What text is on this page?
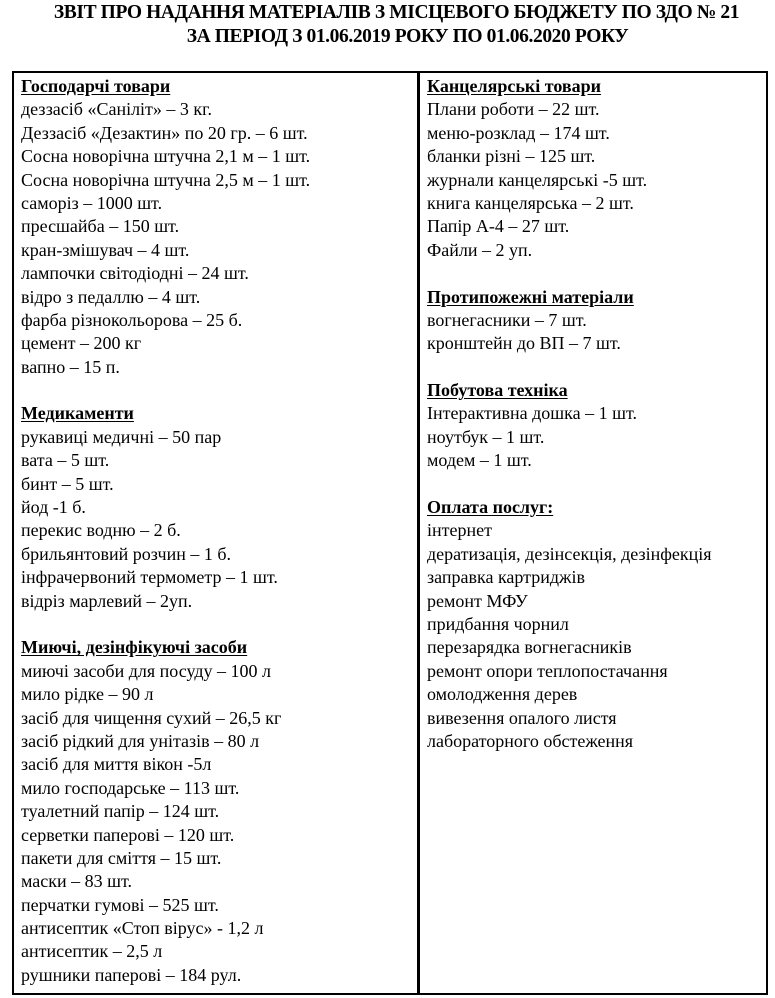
ЗВІТ ПРО НАДАННЯ МАТЕРІАЛІВ З МІСЦЕВОГО БЮДЖЕТУ ПО ЗДО № 21
ЗА ПЕРІОД З 01.06.2019 РОКУ ПО 01.06.2020 РОКУ
Господарчі товари
деззасіб «Саніліт» – 3 кг.
Деззасіб «Дезактин» по 20 гр. – 6 шт.
Сосна новорічна штучна 2,1 м – 1 шт.
Сосна новорічна штучна 2,5 м – 1 шт.
саморіз – 1000 шт.
пресшайба – 150 шт.
кран-змішувач – 4 шт.
лампочки світодіодні – 24 шт.
відро з педаллю – 4 шт.
фарба різнокольорова – 25 б.
цемент – 200 кг
вапно – 15 п.
Медикаменти
рукавиці медичні – 50 пар
вата – 5 шт.
бинт – 5 шт.
йод -1 б.
перекис водню – 2 б.
брильянтовий розчин – 1 б.
інфрачервоний термометр – 1 шт.
відріз марлевий – 2уп.
Миючі, дезінфікуючі засоби
миючі засоби для посуду – 100 л
мило рідке – 90 л
засіб для чищення сухий – 26,5 кг
засіб рідкий для унітазів – 80 л
засіб для миття вікон -5л
мило господарське – 113 шт.
туалетний папір – 124 шт.
серветки паперові – 120 шт.
пакети для сміття – 15 шт.
маски – 83 шт.
перчатки гумові – 525 шт.
антисептик «Стоп вірус» - 1,2 л
антисептик – 2,5 л
рушники паперові – 184 рул.
Канцелярські товари
Плани роботи – 22 шт.
меню-розклад – 174 шт.
бланки різні – 125 шт.
журнали канцелярські -5 шт.
книга канцелярська – 2 шт.
Папір А-4 – 27 шт.
Файли – 2 уп.
Протипожежні матеріали
вогнегасники – 7 шт.
кронштейн до ВП – 7 шт.
Побутова техніка
Інтерактивна дошка – 1 шт.
ноутбук – 1 шт.
модем – 1 шт.
Оплата послуг:
інтернет
дератизація, дезінсекція, дезінфекція
заправка картриджів
ремонт МФУ
придбання чорнил
перезарядка вогнегасників
ремонт опори теплопостачання
омолодження дерев
вивезення опалого листя
лабораторного обстеження
